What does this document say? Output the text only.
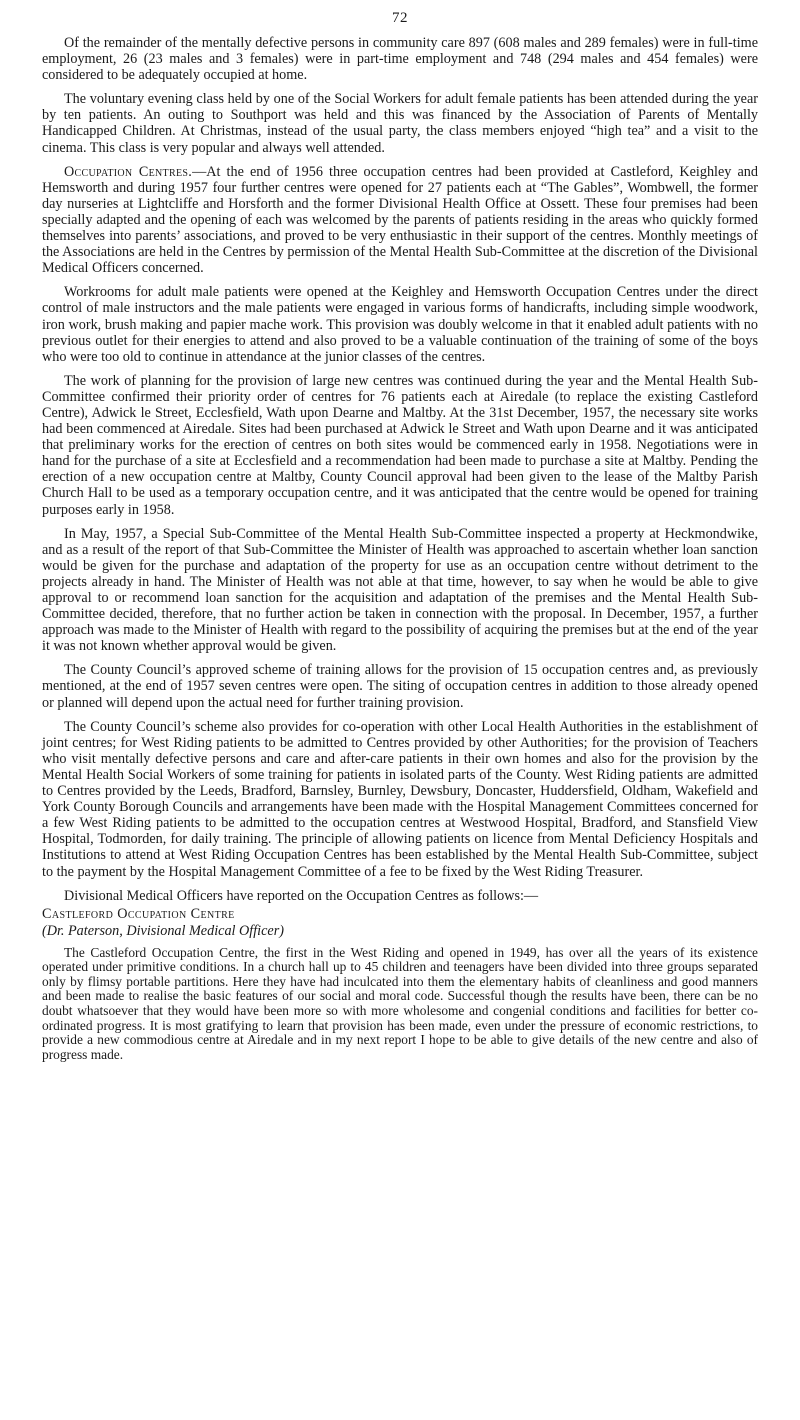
72

Of the remainder of the mentally defective persons in community care 897 (608 males and 289 females) were in full-time employment, 26 (23 males and 3 females) were in part-time employment and 748 (294 males and 454 females) were considered to be adequately occupied at home.

The voluntary evening class held by one of the Social Workers for adult female patients has been attended during the year by ten patients. An outing to Southport was held and this was financed by the Association of Parents of Mentally Handicapped Children. At Christmas, instead of the usual party, the class members enjoyed “high tea” and a visit to the cinema. This class is very popular and always well attended.

Occupation Centres.—At the end of 1956 three occupation centres had been provided at Castleford, Keighley and Hemsworth and during 1957 four further centres were opened for 27 patients each at “The Gables”, Wombwell, the former day nurseries at Lightcliffe and Horsforth and the former Divisional Health Office at Ossett. These four premises had been specially adapted and the opening of each was welcomed by the parents of patients residing in the areas who quickly formed themselves into parents’ associations, and proved to be very enthusiastic in their support of the centres. Monthly meetings of the Associations are held in the Centres by permission of the Mental Health Sub-Committee at the discretion of the Divisional Medical Officers concerned.

Workrooms for adult male patients were opened at the Keighley and Hemsworth Occupation Centres under the direct control of male instructors and the male patients were engaged in various forms of handicrafts, including simple woodwork, iron work, brush making and papier mache work. This provision was doubly welcome in that it enabled adult patients with no previous outlet for their energies to attend and also proved to be a valuable continuation of the training of some of the boys who were too old to continue in attendance at the junior classes of the centres.

The work of planning for the provision of large new centres was continued during the year and the Mental Health Sub-Committee confirmed their priority order of centres for 76 patients each at Airedale (to replace the existing Castleford Centre), Adwick le Street, Ecclesfield, Wath upon Dearne and Maltby. At the 31st December, 1957, the necessary site works had been commenced at Airedale. Sites had been purchased at Adwick le Street and Wath upon Dearne and it was anticipated that preliminary works for the erection of centres on both sites would be commenced early in 1958. Negotiations were in hand for the purchase of a site at Ecclesfield and a recommendation had been made to purchase a site at Maltby. Pending the erection of a new occupation centre at Maltby, County Council approval had been given to the lease of the Maltby Parish Church Hall to be used as a temporary occupation centre, and it was anticipated that the centre would be opened for training purposes early in 1958.

In May, 1957, a Special Sub-Committee of the Mental Health Sub-Committee inspected a property at Heckmondwike, and as a result of the report of that Sub-Committee the Minister of Health was approached to ascertain whether loan sanction would be given for the purchase and adaptation of the property for use as an occupation centre without detriment to the projects already in hand. The Minister of Health was not able at that time, however, to say when he would be able to give approval to or recommend loan sanction for the acquisition and adaptation of the premises and the Mental Health Sub-Committee decided, therefore, that no further action be taken in connection with the proposal. In December, 1957, a further approach was made to the Minister of Health with regard to the possibility of acquiring the premises but at the end of the year it was not known whether approval would be given.

The County Council’s approved scheme of training allows for the provision of 15 occupation centres and, as previously mentioned, at the end of 1957 seven centres were open. The siting of occupation centres in addition to those already opened or planned will depend upon the actual need for further training provision.

The County Council’s scheme also provides for co-operation with other Local Health Authorities in the establishment of joint centres; for West Riding patients to be admitted to Centres provided by other Authorities; for the provision of Teachers who visit mentally defective persons and care and after-care patients in their own homes and also for the provision by the Mental Health Social Workers of some training for patients in isolated parts of the County. West Riding patients are admitted to Centres provided by the Leeds, Bradford, Barnsley, Burnley, Dewsbury, Doncaster, Huddersfield, Oldham, Wakefield and York County Borough Councils and arrangements have been made with the Hospital Management Committees concerned for a few West Riding patients to be admitted to the occupation centres at Westwood Hospital, Bradford, and Stansfield View Hospital, Todmorden, for daily training. The principle of allowing patients on licence from Mental Deficiency Hospitals and Institutions to attend at West Riding Occupation Centres has been established by the Mental Health Sub-Committee, subject to the payment by the Hospital Management Committee of a fee to be fixed by the West Riding Treasurer.

Divisional Medical Officers have reported on the Occupation Centres as follows:—

Castleford Occupation Centre
(Dr. Paterson, Divisional Medical Officer)

The Castleford Occupation Centre, the first in the West Riding and opened in 1949, has over all the years of its existence operated under primitive conditions. In a church hall up to 45 children and teenagers have been divided into three groups separated only by flimsy portable partitions. Here they have had inculcated into them the elementary habits of cleanliness and good manners and been made to realise the basic features of our social and moral code. Successful though the results have been, there can be no doubt whatsoever that they would have been more so with more wholesome and congenial conditions and facilities for better co-ordinated progress. It is most gratifying to learn that provision has been made, even under the pressure of economic restrictions, to provide a new commodious centre at Airedale and in my next report I hope to be able to give details of the new centre and also of progress made.
